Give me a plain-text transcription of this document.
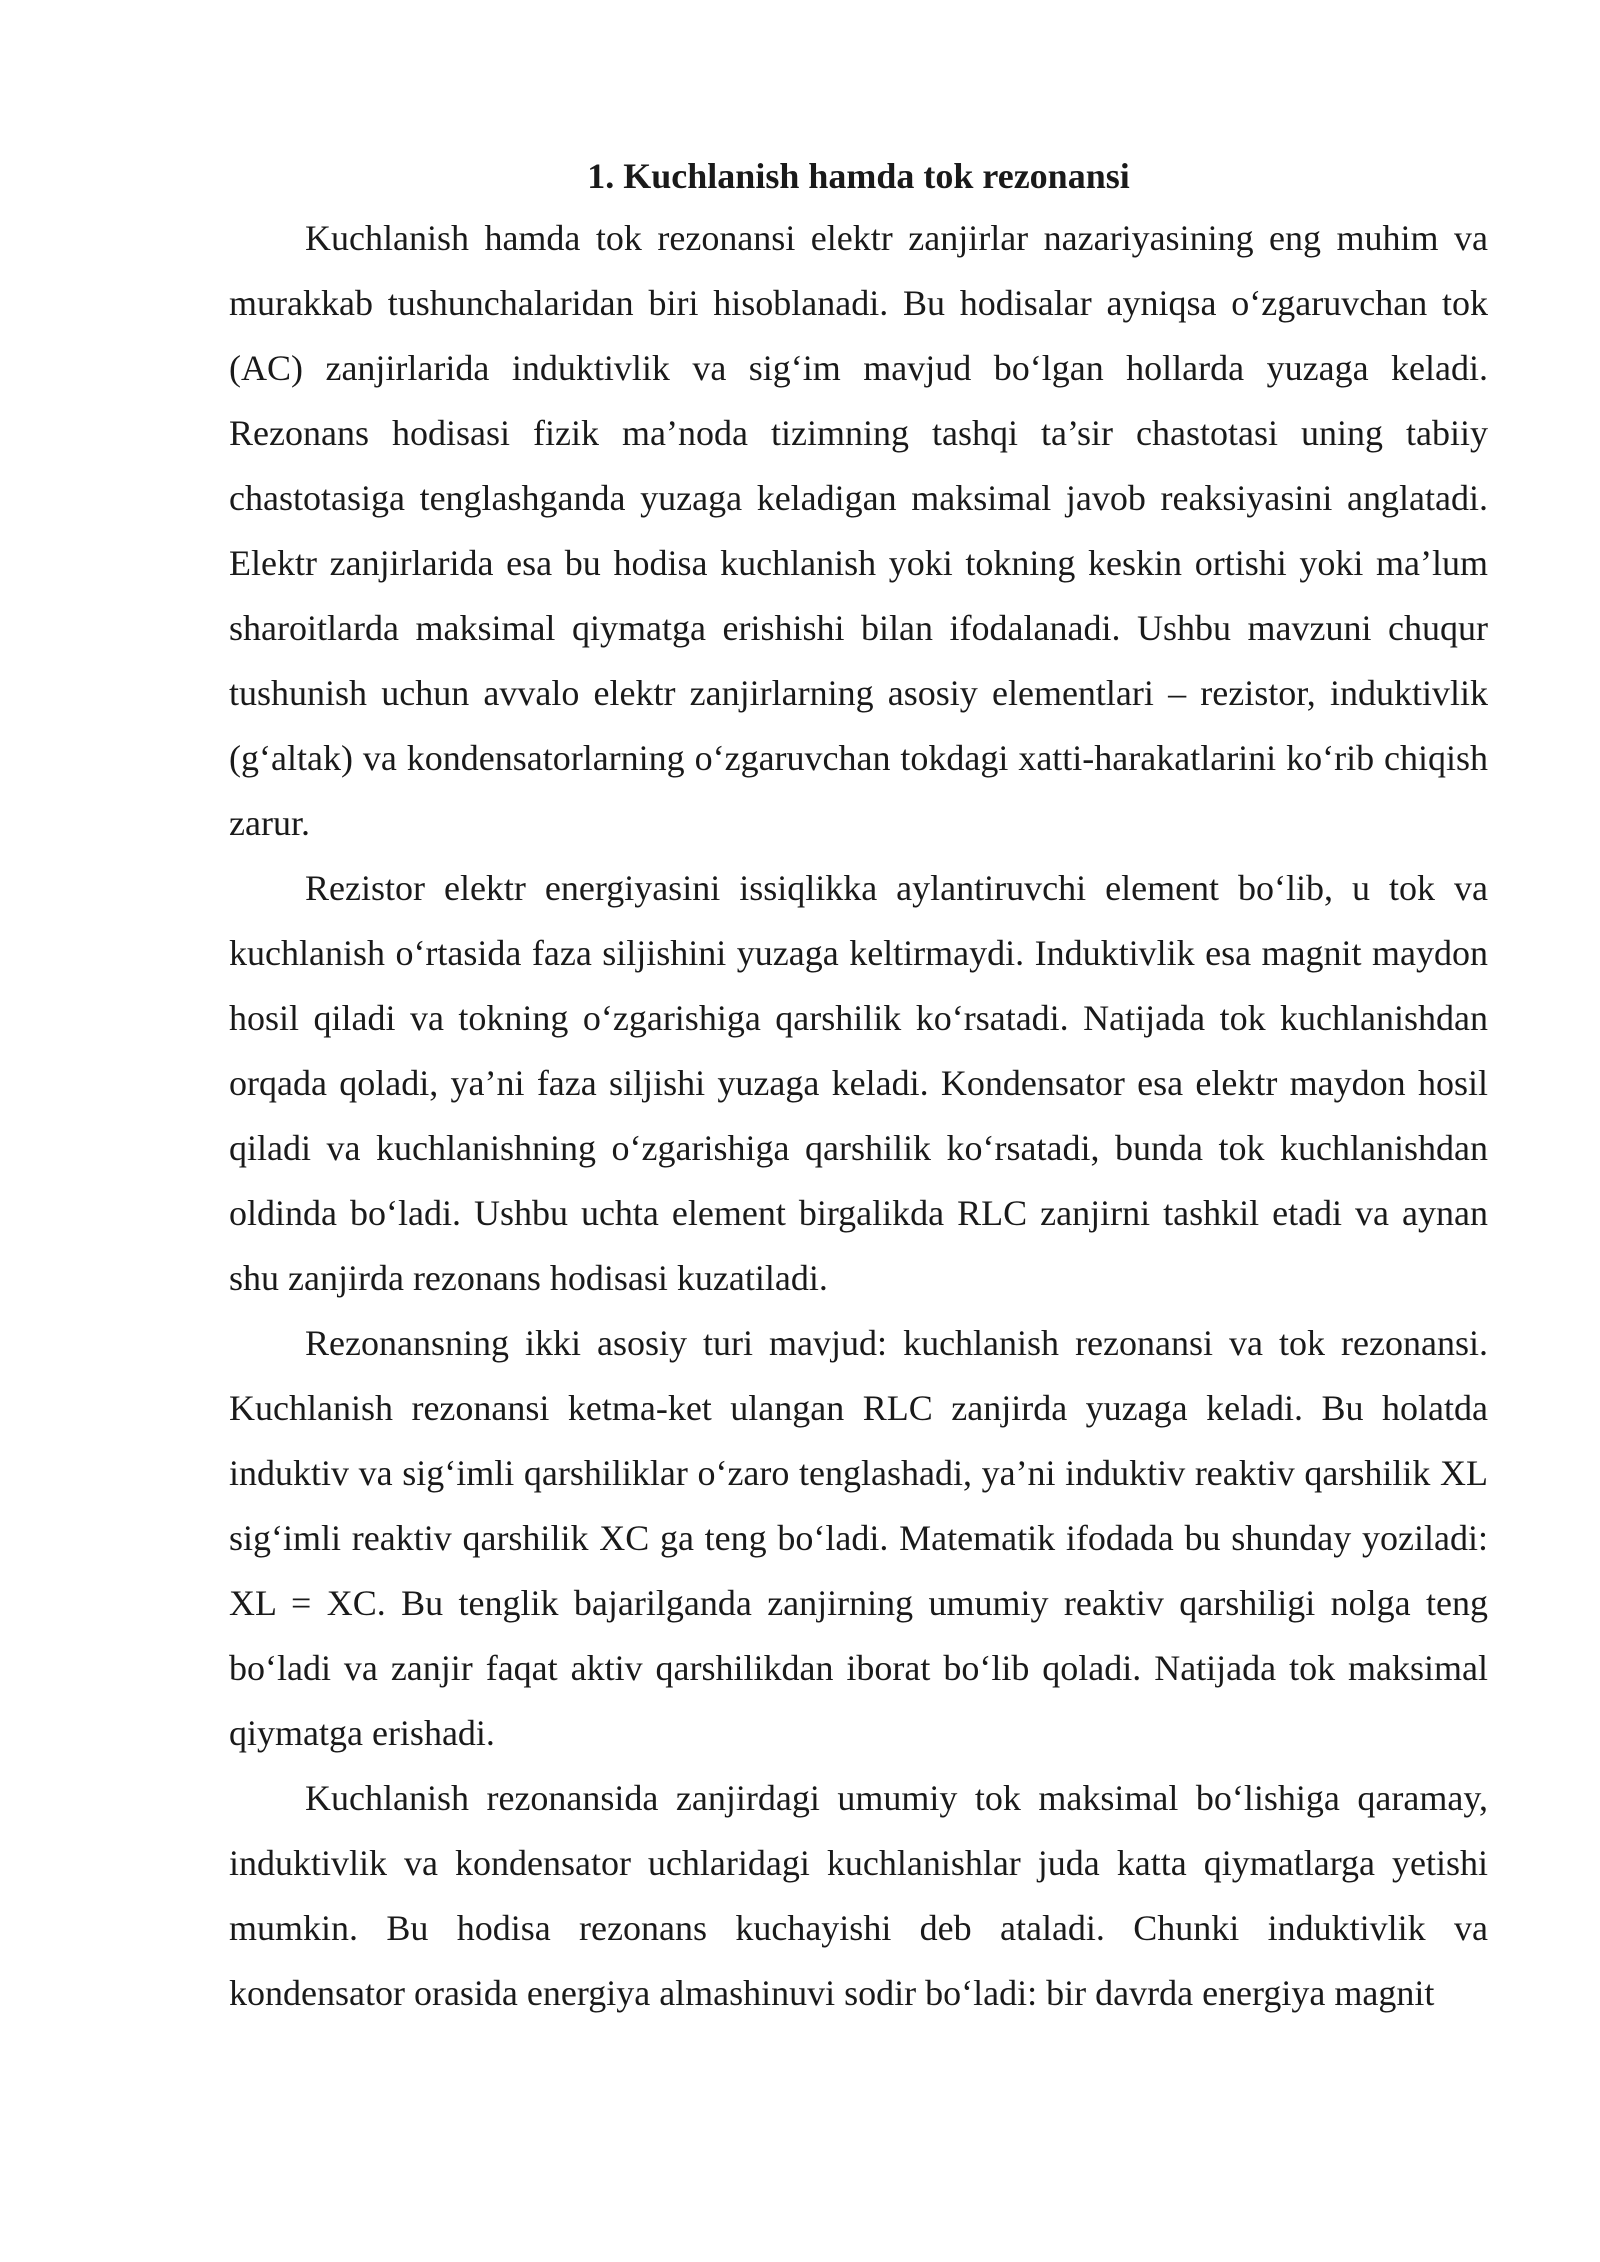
1. Kuchlanish hamda tok rezonansi

Kuchlanish hamda tok rezonansi elektr zanjirlar nazariyasining eng muhim va murakkab tushunchalaridan biri hisoblanadi. Bu hodisalar ayniqsa o‘zgaruvchan tok (AC) zanjirlarida induktivlik va sig‘im mavjud bo‘lgan hollarda yuzaga keladi. Rezonans hodisasi fizik ma’noda tizimning tashqi ta’sir chastotasi uning tabiiy chastotasiga tenglashganda yuzaga keladigan maksimal javob reaksiyasini anglatadi. Elektr zanjirlarida esa bu hodisa kuchlanish yoki tokning keskin ortishi yoki ma’lum sharoitlarda maksimal qiymatga erishishi bilan ifodalanadi. Ushbu mavzuni chuqur tushunish uchun avvalo elektr zanjirlarning asosiy elementlari – rezistor, induktivlik (g‘altak) va kondensatorlarning o‘zgaruvchan tokdagi xatti-harakatlarini ko‘rib chiqish zarur.

Rezistor elektr energiyasini issiqlikka aylantiruvchi element bo‘lib, u tok va kuchlanish o‘rtasida faza siljishini yuzaga keltirmaydi. Induktivlik esa magnit maydon hosil qiladi va tokning o‘zgarishiga qarshilik ko‘rsatadi. Natijada tok kuchlanishdan orqada qoladi, ya’ni faza siljishi yuzaga keladi. Kondensator esa elektr maydon hosil qiladi va kuchlanishning o‘zgarishiga qarshilik ko‘rsatadi, bunda tok kuchlanishdan oldinda bo‘ladi. Ushbu uchta element birgalikda RLC zanjirni tashkil etadi va aynan shu zanjirda rezonans hodisasi kuzatiladi.

Rezonansning ikki asosiy turi mavjud: kuchlanish rezonansi va tok rezonansi. Kuchlanish rezonansi ketma-ket ulangan RLC zanjirda yuzaga keladi. Bu holatda induktiv va sig‘imli qarshiliklar o‘zaro tenglashadi, ya’ni induktiv reaktiv qarshilik XL sig‘imli reaktiv qarshilik XC ga teng bo‘ladi. Matematik ifodada bu shunday yoziladi: XL = XC. Bu tenglik bajarilganda zanjirning umumiy reaktiv qarshiligi nolga teng bo‘ladi va zanjir faqat aktiv qarshilikdan iborat bo‘lib qoladi. Natijada tok maksimal qiymatga erishadi.

Kuchlanish rezonansida zanjirdagi umumiy tok maksimal bo‘lishiga qaramay, induktivlik va kondensator uchlaridagi kuchlanishlar juda katta qiymatlarga yetishi mumkin. Bu hodisa rezonans kuchayishi deb ataladi. Chunki induktivlik va kondensator orasida energiya almashinuvi sodir bo‘ladi: bir davrda energiya magnit
